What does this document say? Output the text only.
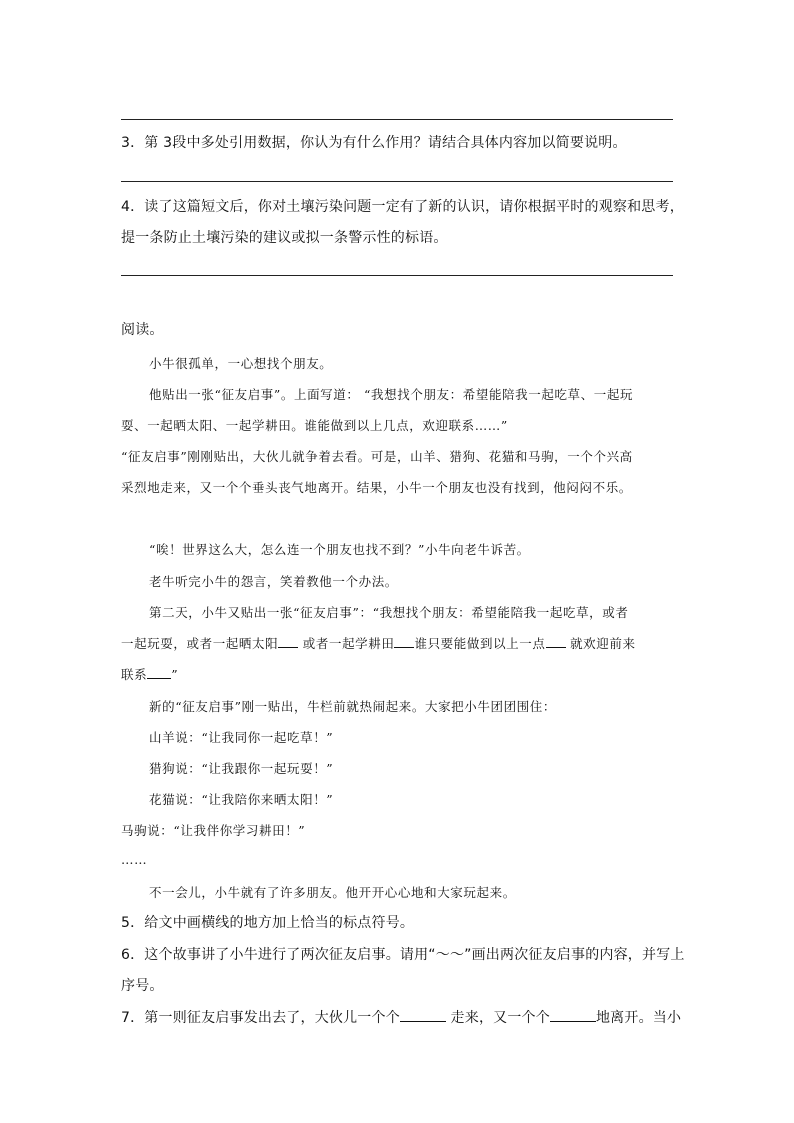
3．第 3段中多处引用数据，你认为有什么作用？请结合具体内容加以简要说明。
4．读了这篇短文后，你对土壤污染问题一定有了新的认识，请你根据平时的观察和思考，
提一条防止土壤污染的建议或拟一条警示性的标语。
阅读。
小牛很孤单，一心想找个朋友。
他贴出一张“征友启事”。上面写道： “我想找个朋友：希望能陪我一起吃草、一起玩
耍、一起晒太阳、一起学耕田。谁能做到以上几点，欢迎联系……”
“征友启事”刚刚贴出，大伙儿就争着去看。可是，山羊、猎狗、花猫和马驹，一个个兴高
采烈地走来，又一个个垂头丧气地离开。结果，小牛一个朋友也没有找到，他闷闷不乐。
“唉！世界这么大，怎么连一个朋友也找不到？”小牛向老牛诉苦。
老牛听完小牛的怨言，笑着教他一个办法。
第二天，小牛又贴出一张“征友启事”：“我想找个朋友：希望能陪我一起吃草，或者
一起玩耍，或者一起晒太阳 或者一起学耕田 谁只要能做到以上一点 就欢迎前来
联系 ”
新的“征友启事”刚一贴出，牛栏前就热闹起来。大家把小牛团团围住：
山羊说：“让我同你一起吃草！”
猎狗说：“让我跟你一起玩耍！”
花猫说：“让我陪你来晒太阳！”
马驹说：“让我伴你学习耕田！”
……
不一会儿，小牛就有了许多朋友。他开开心心地和大家玩起来。
5．给文中画横线的地方加上恰当的标点符号。
6．这个故事讲了小牛进行了两次征友启事。请用“～～”画出两次征友启事的内容，并写上
序号。
7．第一则征友启事发出去了，大伙儿一个个	走来，又一个个	地离开。当小
